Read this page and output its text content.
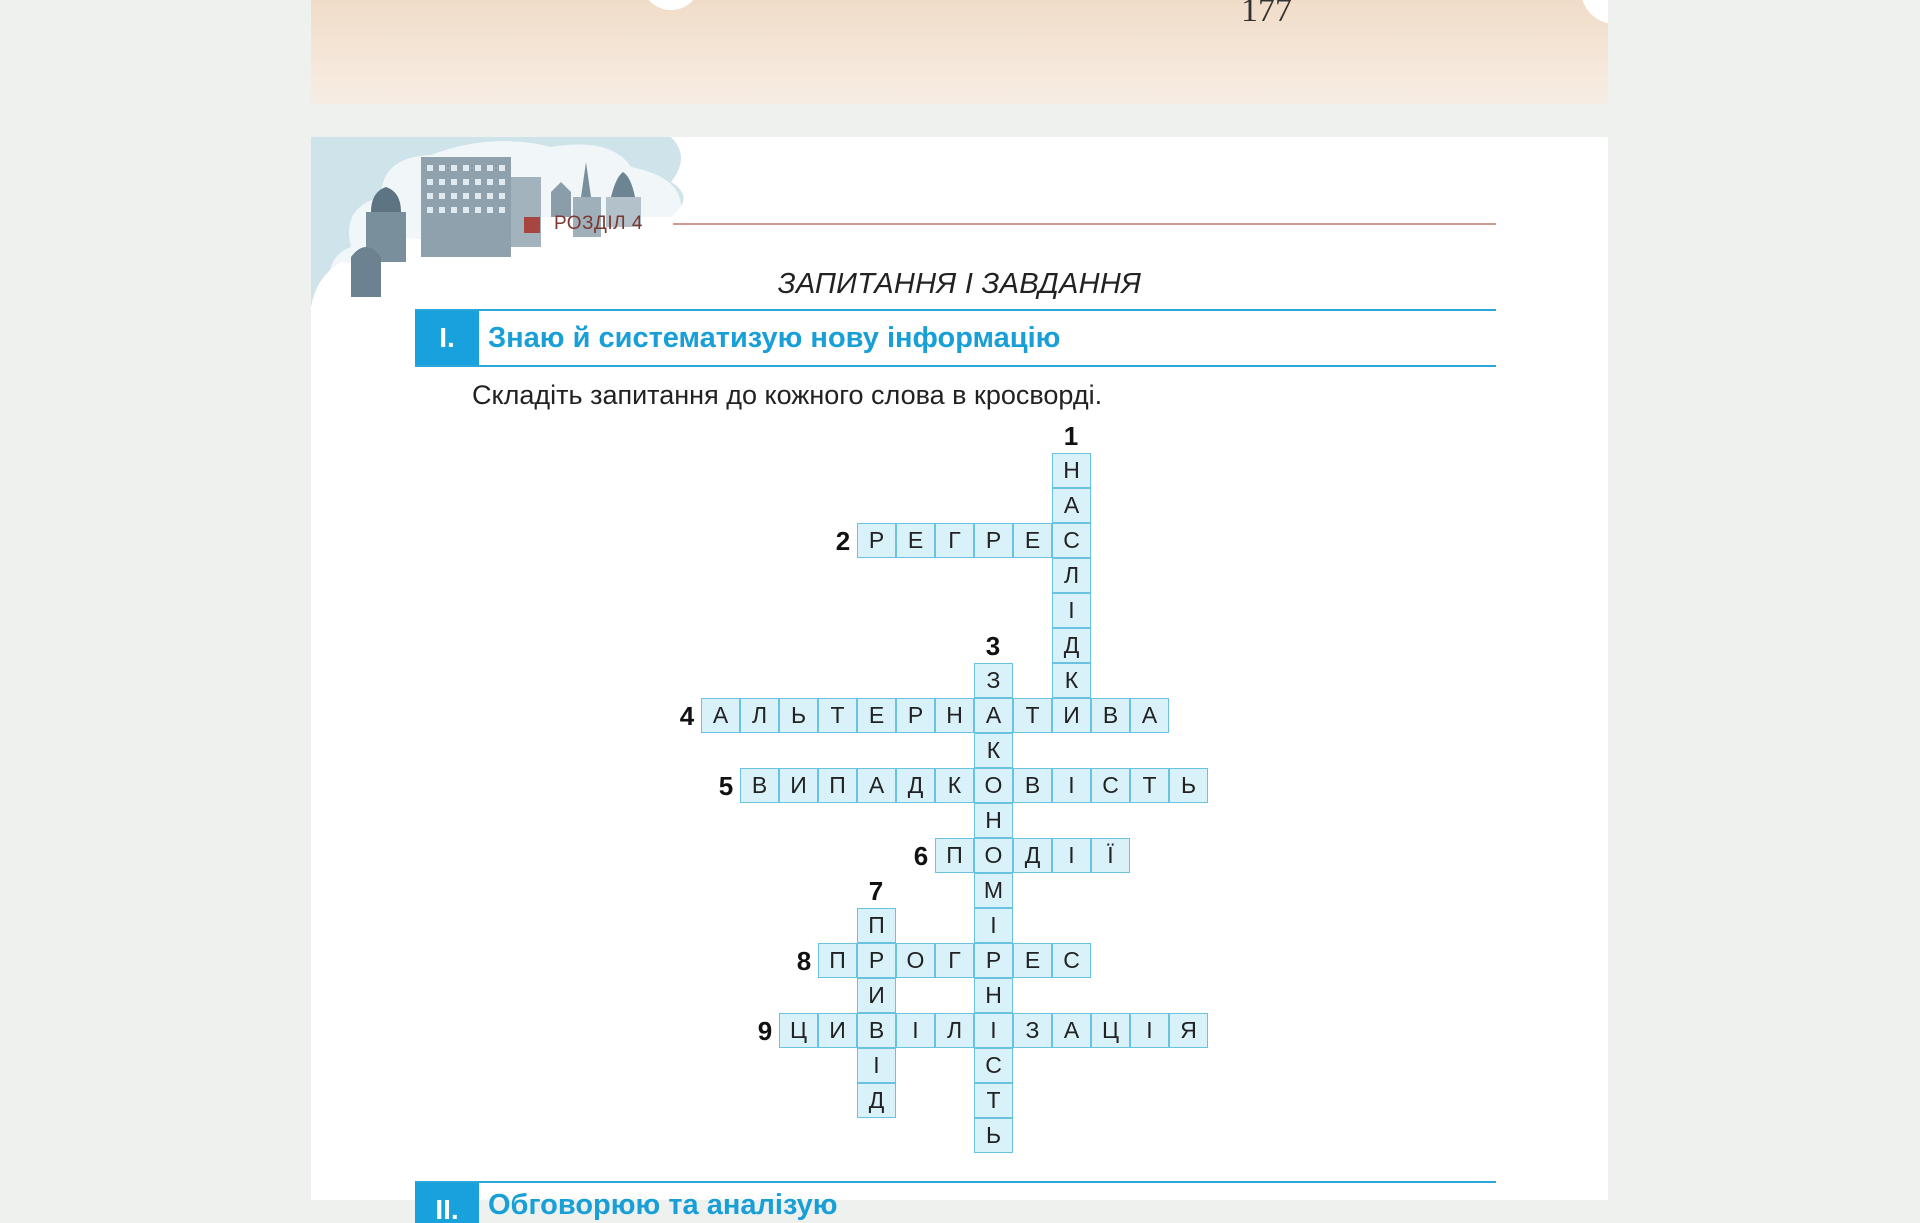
177
РОЗДІЛ 4
ЗАПИТАННЯ І ЗАВДАННЯ
I.	Знаю й систематизую нову інформацію
Складіть запитання до кожного слова в кросворді.
Н
А
С
Л
І
Д
К
И
1
Р	Е	Г	Р	Е
2
З
А
К
О
Н
О
М
І
Р
Н
І
С
Т
Ь
3
А	Л	Ь	Т	Е	Р	Н	Т	В	А
4
В	И П	А	Д	К	В	І	С	Т	Ь
5
П	Д	І	Ї
6
П
Р
И
В
І
Д
7
П	О	Г	Е	С
8
Ц И	І	Л	З	А Ц	І	Я
9
II.	Обговорюю та аналізую
